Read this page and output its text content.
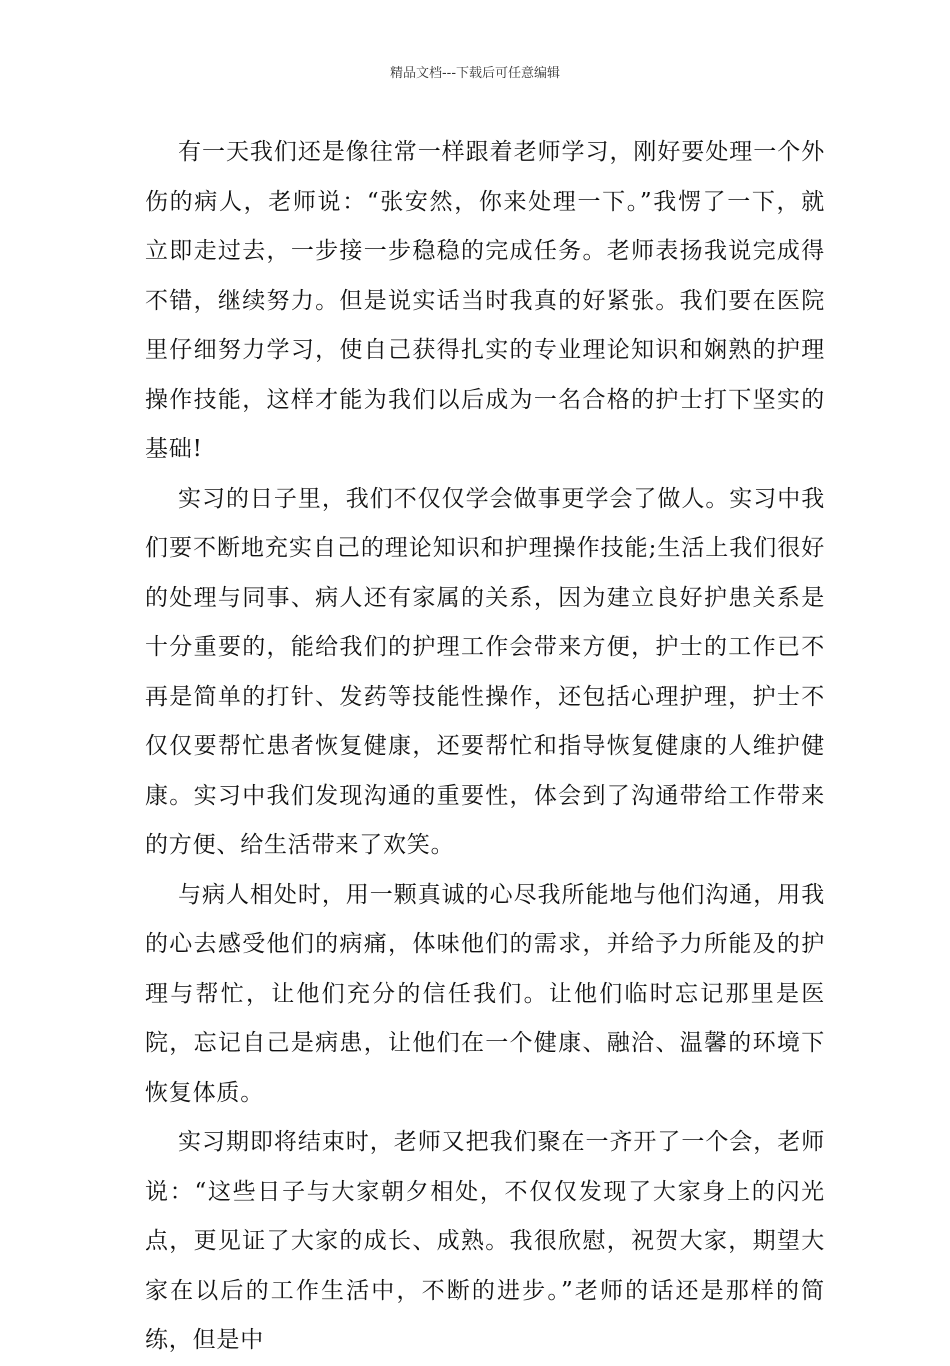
精品文档---下载后可任意编辑

有一天我们还是像往常一样跟着老师学习，刚好要处理一个外伤的病人，老师说：“张安然，你来处理一下。”我愣了一下，就立即走过去，一步接一步稳稳的完成任务。老师表扬我说完成得不错，继续努力。但是说实话当时我真的好紧张。我们要在医院里仔细努力学习，使自己获得扎实的专业理论知识和娴熟的护理操作技能，这样才能为我们以后成为一名合格的护士打下坚实的基础!

实习的日子里，我们不仅仅学会做事更学会了做人。实习中我们要不断地充实自己的理论知识和护理操作技能;生活上我们很好的处理与同事、病人还有家属的关系，因为建立良好护患关系是十分重要的，能给我们的护理工作会带来方便，护士的工作已不再是简单的打针、发药等技能性操作，还包括心理护理，护士不仅仅要帮忙患者恢复健康，还要帮忙和指导恢复健康的人维护健康。实习中我们发现沟通的重要性，体会到了沟通带给工作带来的方便、给生活带来了欢笑。

与病人相处时，用一颗真诚的心尽我所能地与他们沟通，用我的心去感受他们的病痛，体味他们的需求，并给予力所能及的护理与帮忙，让他们充分的信任我们。让他们临时忘记那里是医院，忘记自己是病患，让他们在一个健康、融洽、温馨的环境下恢复体质。

实习期即将结束时，老师又把我们聚在一齐开了一个会，老师说：“这些日子与大家朝夕相处，不仅仅发现了大家身上的闪光点，更见证了大家的成长、成熟。我很欣慰，祝贺大家，期望大家在以后的工作生活中，不断的进步。”老师的话还是那样的简练，但是中
